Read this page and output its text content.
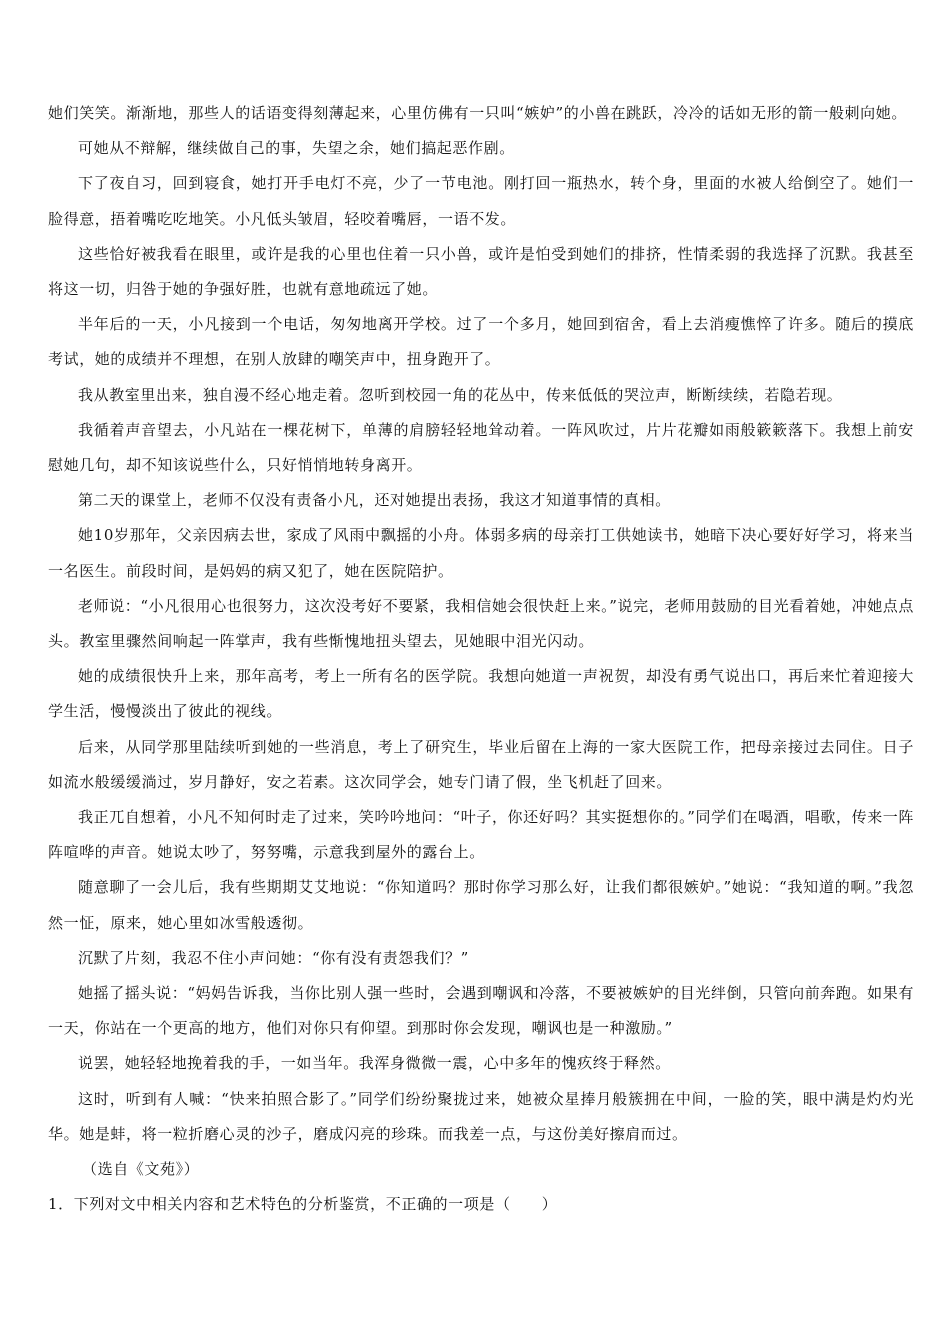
她们笑笑。渐渐地，那些人的话语变得刻薄起来，心里仿佛有一只叫“嫉妒”的小兽在跳跃，冷冷的话如无形的箭一般刺向她。

可她从不辩解，继续做自己的事，失望之余，她们搞起恶作剧。

下了夜自习，回到寝食，她打开手电灯不亮，少了一节电池。刚打回一瓶热水，转个身，里面的水被人给倒空了。她们一脸得意，捂着嘴吃吃地笑。小凡低头皱眉，轻咬着嘴唇，一语不发。

这些恰好被我看在眼里，或许是我的心里也住着一只小兽，或许是怕受到她们的排挤，性情柔弱的我选择了沉默。我甚至将这一切，归咎于她的争强好胜，也就有意地疏远了她。

半年后的一天，小凡接到一个电话，匆匆地离开学校。过了一个多月，她回到宿舍，看上去消瘦憔悴了许多。随后的摸底考试，她的成绩并不理想，在别人放肆的嘲笑声中，扭身跑开了。

我从教室里出来，独自漫不经心地走着。忽听到校园一角的花丛中，传来低低的哭泣声，断断续续，若隐若现。

我循着声音望去，小凡站在一棵花树下，单薄的肩膀轻轻地耸动着。一阵风吹过，片片花瓣如雨般簌簌落下。我想上前安慰她几句，却不知该说些什么，只好悄悄地转身离开。

第二天的课堂上，老师不仅没有责备小凡，还对她提出表扬，我这才知道事情的真相。

她10岁那年，父亲因病去世，家成了风雨中飘摇的小舟。体弱多病的母亲打工供她读书，她暗下决心要好好学习，将来当一名医生。前段时间，是妈妈的病又犯了，她在医院陪护。

老师说：“小凡很用心也很努力，这次没考好不要紧，我相信她会很快赶上来。”说完，老师用鼓励的目光看着她，冲她点点头。教室里骤然间响起一阵掌声，我有些惭愧地扭头望去，见她眼中泪光闪动。

她的成绩很快升上来，那年高考，考上一所有名的医学院。我想向她道一声祝贺，却没有勇气说出口，再后来忙着迎接大学生活，慢慢淡出了彼此的视线。

后来，从同学那里陆续听到她的一些消息，考上了研究生，毕业后留在上海的一家大医院工作，把母亲接过去同住。日子如流水般缓缓淌过，岁月静好，安之若素。这次同学会，她专门请了假，坐飞机赶了回来。

我正兀自想着，小凡不知何时走了过来，笑吟吟地问：“叶子，你还好吗？其实挺想你的。”同学们在喝酒，唱歌，传来一阵阵喧哗的声音。她说太吵了，努努嘴，示意我到屋外的露台上。

随意聊了一会儿后，我有些期期艾艾地说：“你知道吗？那时你学习那么好，让我们都很嫉妒。”她说：“我知道的啊。”我忽然一怔，原来，她心里如冰雪般透彻。

沉默了片刻，我忍不住小声问她：“你有没有责怨我们？”

她摇了摇头说：“妈妈告诉我，当你比别人强一些时，会遇到嘲讽和冷落，不要被嫉妒的目光绊倒，只管向前奔跑。如果有一天，你站在一个更高的地方，他们对你只有仰望。到那时你会发现，嘲讽也是一种激励。”

说罢，她轻轻地挽着我的手，一如当年。我浑身微微一震，心中多年的愧疚终于释然。

这时，听到有人喊：“快来拍照合影了。”同学们纷纷聚拢过来，她被众星捧月般簇拥在中间，一脸的笑，眼中满是灼灼光华。她是蚌，将一粒折磨心灵的沙子，磨成闪亮的珍珠。而我差一点，与这份美好擦肩而过。

（选自《文苑》）

1．下列对文中相关内容和艺术特色的分析鉴赏，不正确的一项是（　　）
